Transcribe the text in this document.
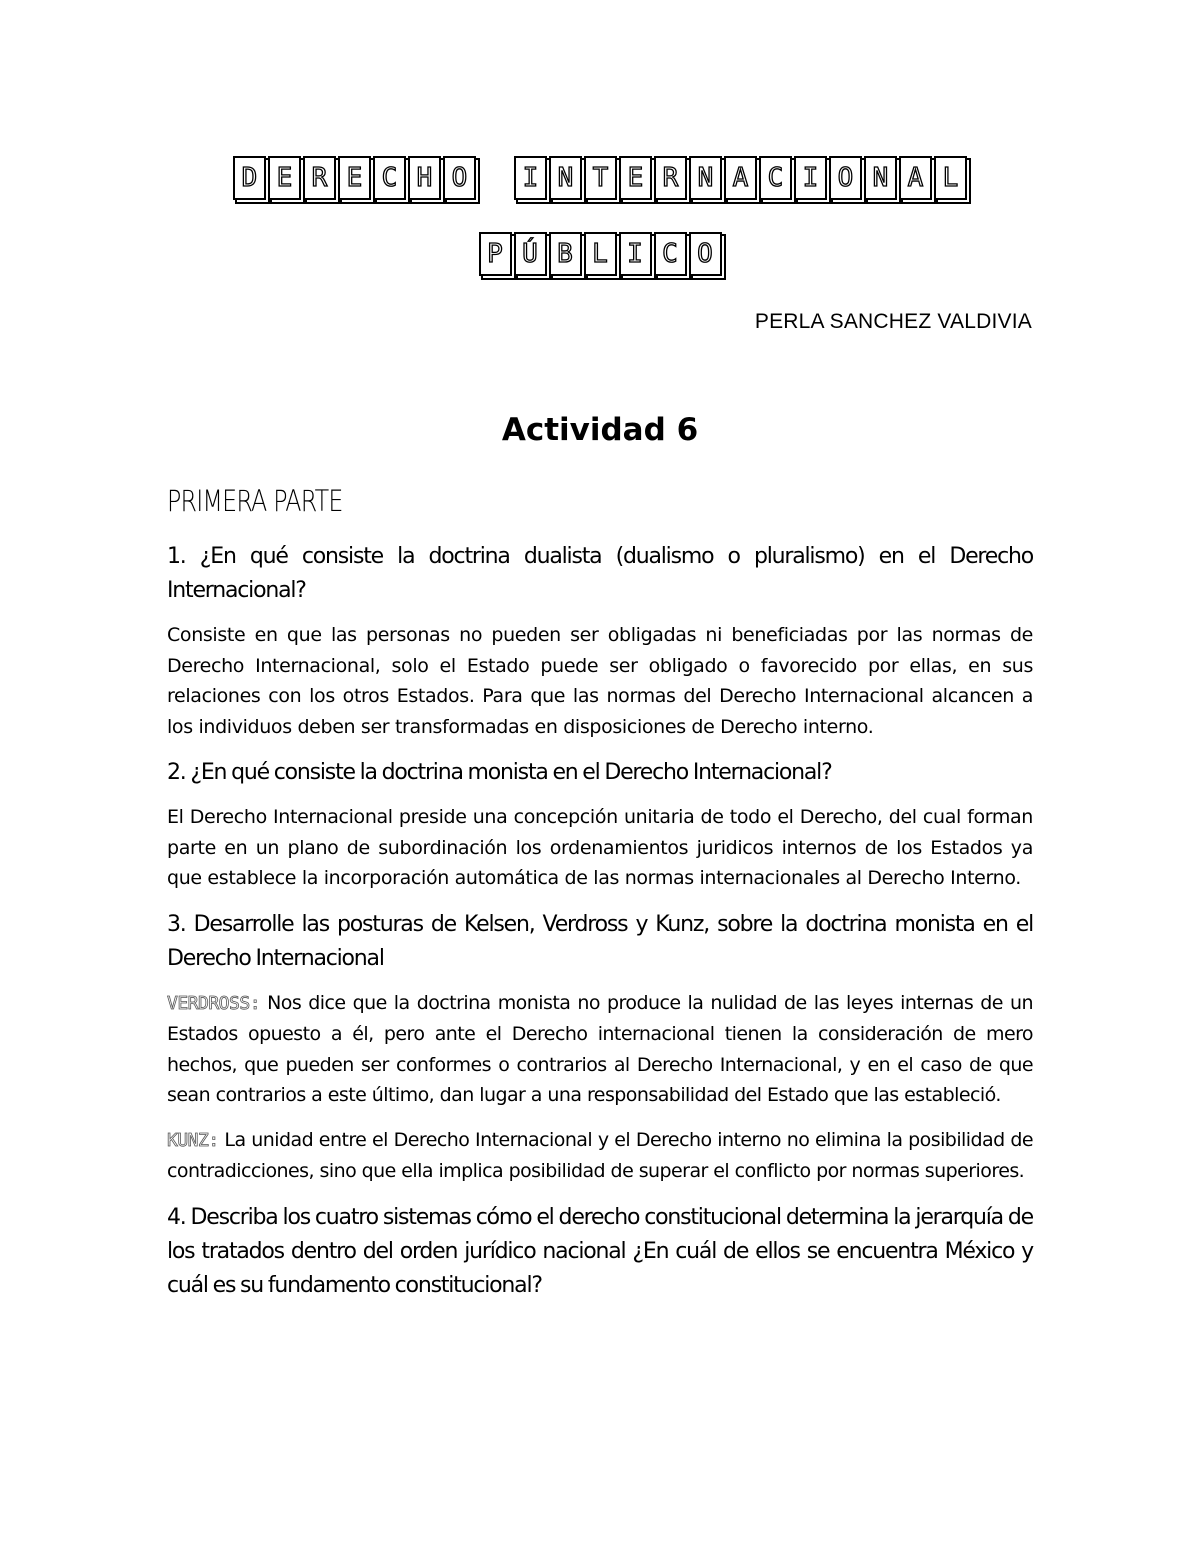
D E R E C H O	I N T E R N A C I O N A L
P Ú B L I C O
PERLA SANCHEZ VALDIVIA
Actividad 6
PRIMERA PARTE

1. ¿En qué consiste la doctrina dualista (dualismo o pluralismo) en el Derecho Internacional?

Consiste en que las personas no pueden ser obligadas ni beneficiadas por las normas de Derecho Internacional, solo el Estado puede ser obligado o favorecido por ellas, en sus relaciones con los otros Estados. Para que las normas del Derecho Internacional alcancen a los individuos deben ser transformadas en disposiciones de Derecho interno.

2. ¿En qué consiste la doctrina monista en el Derecho Internacional?

El Derecho Internacional preside una concepción unitaria de todo el Derecho, del cual forman parte en un plano de subordinación los ordenamientos juridicos internos de los Estados ya que establece la incorporación automática de las normas internacionales al Derecho Interno.

3. Desarrolle las posturas de Kelsen, Verdross y Kunz, sobre la doctrina monista en el Derecho Internacional

VERDROSS: Nos dice que la doctrina monista no produce la nulidad de las leyes internas de un Estados opuesto a él, pero ante el Derecho internacional tienen la consideración de mero hechos, que pueden ser conformes o contrarios al Derecho Internacional, y en el caso de que sean contrarios a este último, dan lugar a una responsabilidad del Estado que las estableció.

KUNZ: La unidad entre el Derecho Internacional y el Derecho interno no elimina la posibilidad de contradicciones, sino que ella implica posibilidad de superar el conflicto por normas superiores.

4. Describa los cuatro sistemas cómo el derecho constitucional determina la jerarquía de los tratados dentro del orden jurídico nacional ¿En cuál de ellos se encuentra México y cuál es su fundamento constitucional?
